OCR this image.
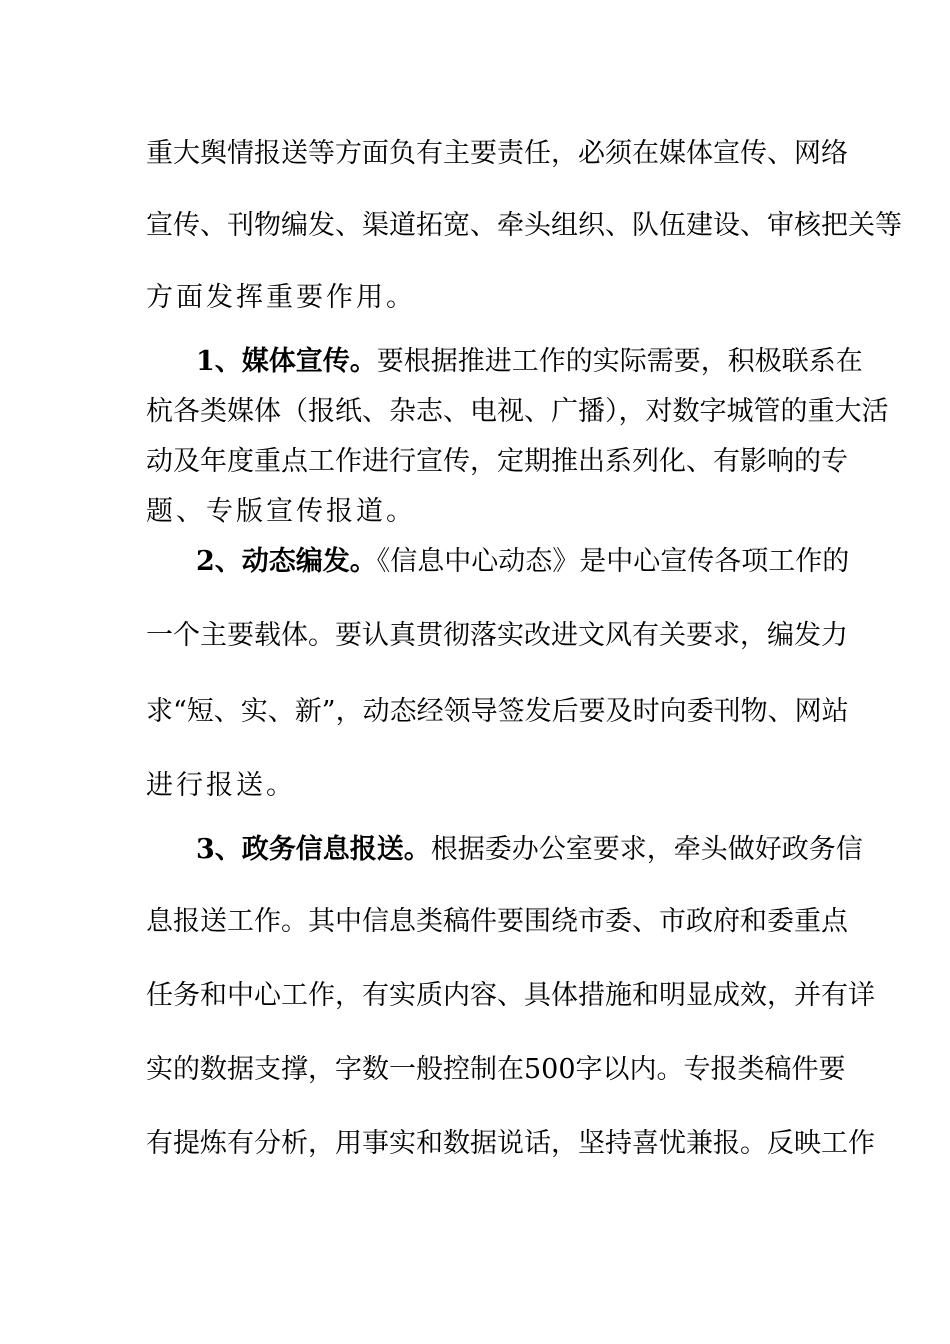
重大舆情报送等方面负有主要责任，必须在媒体宣传、网络
宣传、刊物编发、渠道拓宽、牵头组织、队伍建设、审核把关等
方面发挥重要作用。
1、媒体宣传。要根据推进工作的实际需要，积极联系在
杭各类媒体（报纸、杂志、电视、广播），对数字城管的重大活
动及年度重点工作进行宣传，定期推出系列化、有影响的专
题、专版宣传报道。
2、动态编发。《信息中心动态》是中心宣传各项工作的
一个主要载体。要认真贯彻落实改进文风有关要求，编发力
求“短、实、新”，动态经领导签发后要及时向委刊物、网站
进行报送。
3、政务信息报送。根据委办公室要求，牵头做好政务信
息报送工作。其中信息类稿件要围绕市委、市政府和委重点
任务和中心工作，有实质内容、具体措施和明显成效，并有详
实的数据支撑，字数一般控制在500字以内。专报类稿件要
有提炼有分析，用事实和数据说话，坚持喜忧兼报。反映工作
